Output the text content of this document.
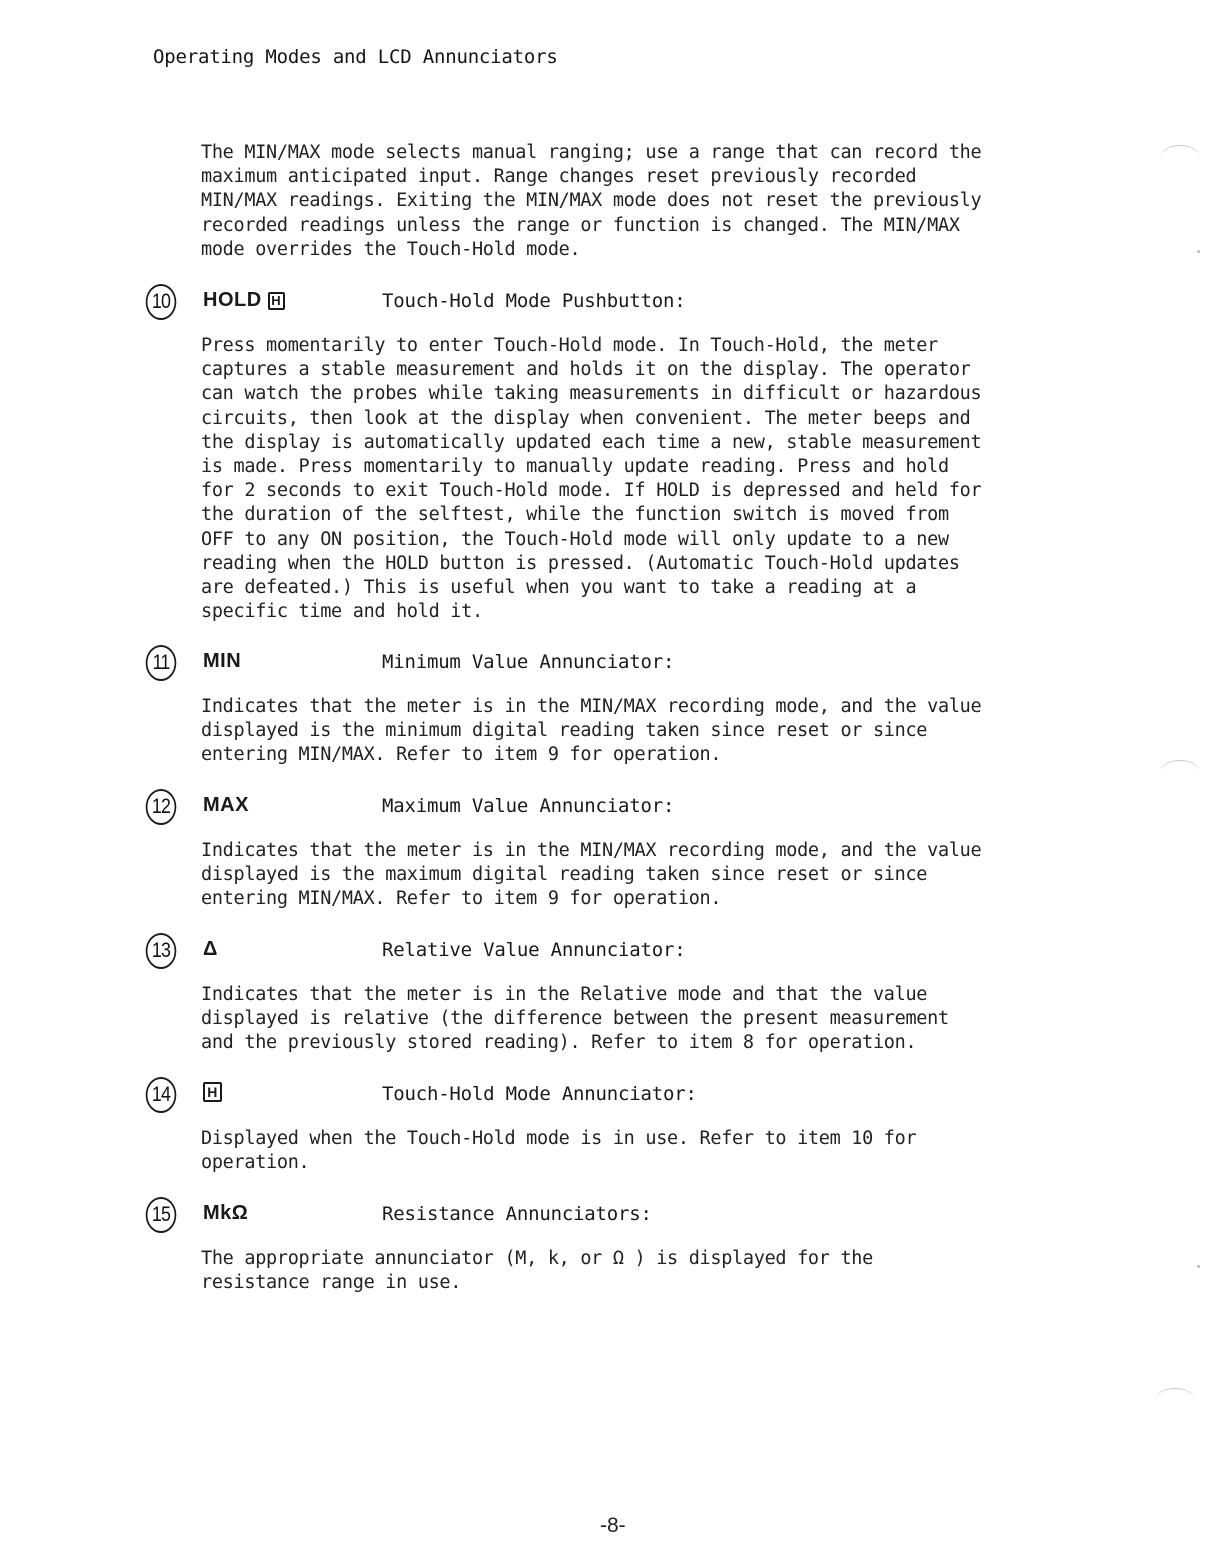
Operating Modes and LCD Annunciators

The MIN/MAX mode selects manual ranging; use a range that can record the
maximum anticipated input. Range changes reset previously recorded
MIN/MAX readings. Exiting the MIN/MAX mode does not reset the previously
recorded readings unless the range or function is changed. The MIN/MAX
mode overrides the Touch-Hold mode.

10	HOLD H	Touch-Hold Mode Pushbutton:

Press momentarily to enter Touch-Hold mode. In Touch-Hold, the meter
captures a stable measurement and holds it on the display. The operator
can watch the probes while taking measurements in difficult or hazardous
circuits, then look at the display when convenient. The meter beeps and
the display is automatically updated each time a new, stable measurement
is made. Press momentarily to manually update reading. Press and hold
for 2 seconds to exit Touch-Hold mode. If HOLD is depressed and held for
the duration of the selftest, while the function switch is moved from
OFF to any ON position, the Touch-Hold mode will only update to a new
reading when the HOLD button is pressed. (Automatic Touch-Hold updates
are defeated.) This is useful when you want to take a reading at a
specific time and hold it.

11	MIN	Minimum Value Annunciator:

Indicates that the meter is in the MIN/MAX recording mode, and the value
displayed is the minimum digital reading taken since reset or since
entering MIN/MAX. Refer to item 9 for operation.

12	MAX	Maximum Value Annunciator:

Indicates that the meter is in the MIN/MAX recording mode, and the value
displayed is the maximum digital reading taken since reset or since
entering MIN/MAX. Refer to item 9 for operation.

13	Δ	Relative Value Annunciator:

Indicates that the meter is in the Relative mode and that the value
displayed is relative (the difference between the present measurement
and the previously stored reading). Refer to item 8 for operation.

14	H	Touch-Hold Mode Annunciator:

Displayed when the Touch-Hold mode is in use. Refer to item 10 for
operation.

15	MkΩ	Resistance Annunciators:

The appropriate annunciator (M, k, or Ω ) is displayed for the
resistance range in use.

-8-
